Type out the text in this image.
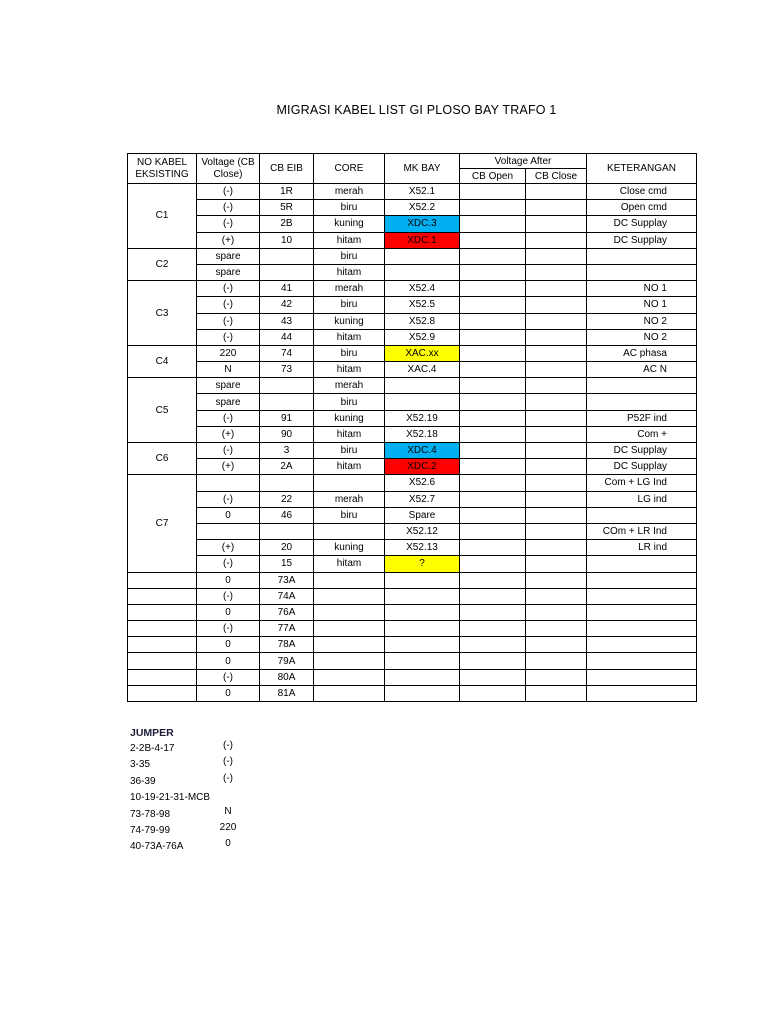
MIGRASI KABEL LIST GI PLOSO BAY TRAFO 1
NO KABEL EKSISTING	Voltage (CB Close)	CB EIB	CORE	MK BAY	Voltage After		KETERANGAN
					CB Open	CB Close	
C1	(-)	1R	merah	X52.1			Close cmd
	(-)	5R	biru	X52.2			Open cmd
	(-)	2B	kuning	XDC.3			DC Supplay
	(+)	10	hitam	XDC.1			DC Supplay
C2	spare		biru				
	spare		hitam				
C3	(-)	41	merah	X52.4			NO 1
	(-)	42	biru	X52.5			NO 1
	(-)	43	kuning	X52.8			NO 2
	(-)	44	hitam	X52.9			NO 2
C4	220	74	biru	XAC.xx			AC phasa
	N	73	hitam	XAC.4			AC N
C5	spare		merah				
	spare		biru				
	(-)	91	kuning	X52.19			P52F ind
	(+)	90	hitam	X52.18			Com +
C6	(-)	3	biru	XDC.4			DC Supplay
	(+)	2A	hitam	XDC.2			DC Supplay
C7				X52.6			Com + LG Ind
	(-)	22	merah	X52.7			LG ind
	0	46	biru	Spare			
				X52.12			COm + LR Ind
	(+)	20	kuning	X52.13			LR ind
	(-)	15	hitam	?			
	0	73A					
	(-)	74A					
	0	76A					
	(-)	77A					
	0	78A					
	0	79A					
	(-)	80A					
	0	81A					
JUMPER
2-2B-4-17	(-)
3-35	(-)
36-39	(-)
10-19-21-31-MCB
73-78-98	N
74-79-99	220
40-73A-76A	0
